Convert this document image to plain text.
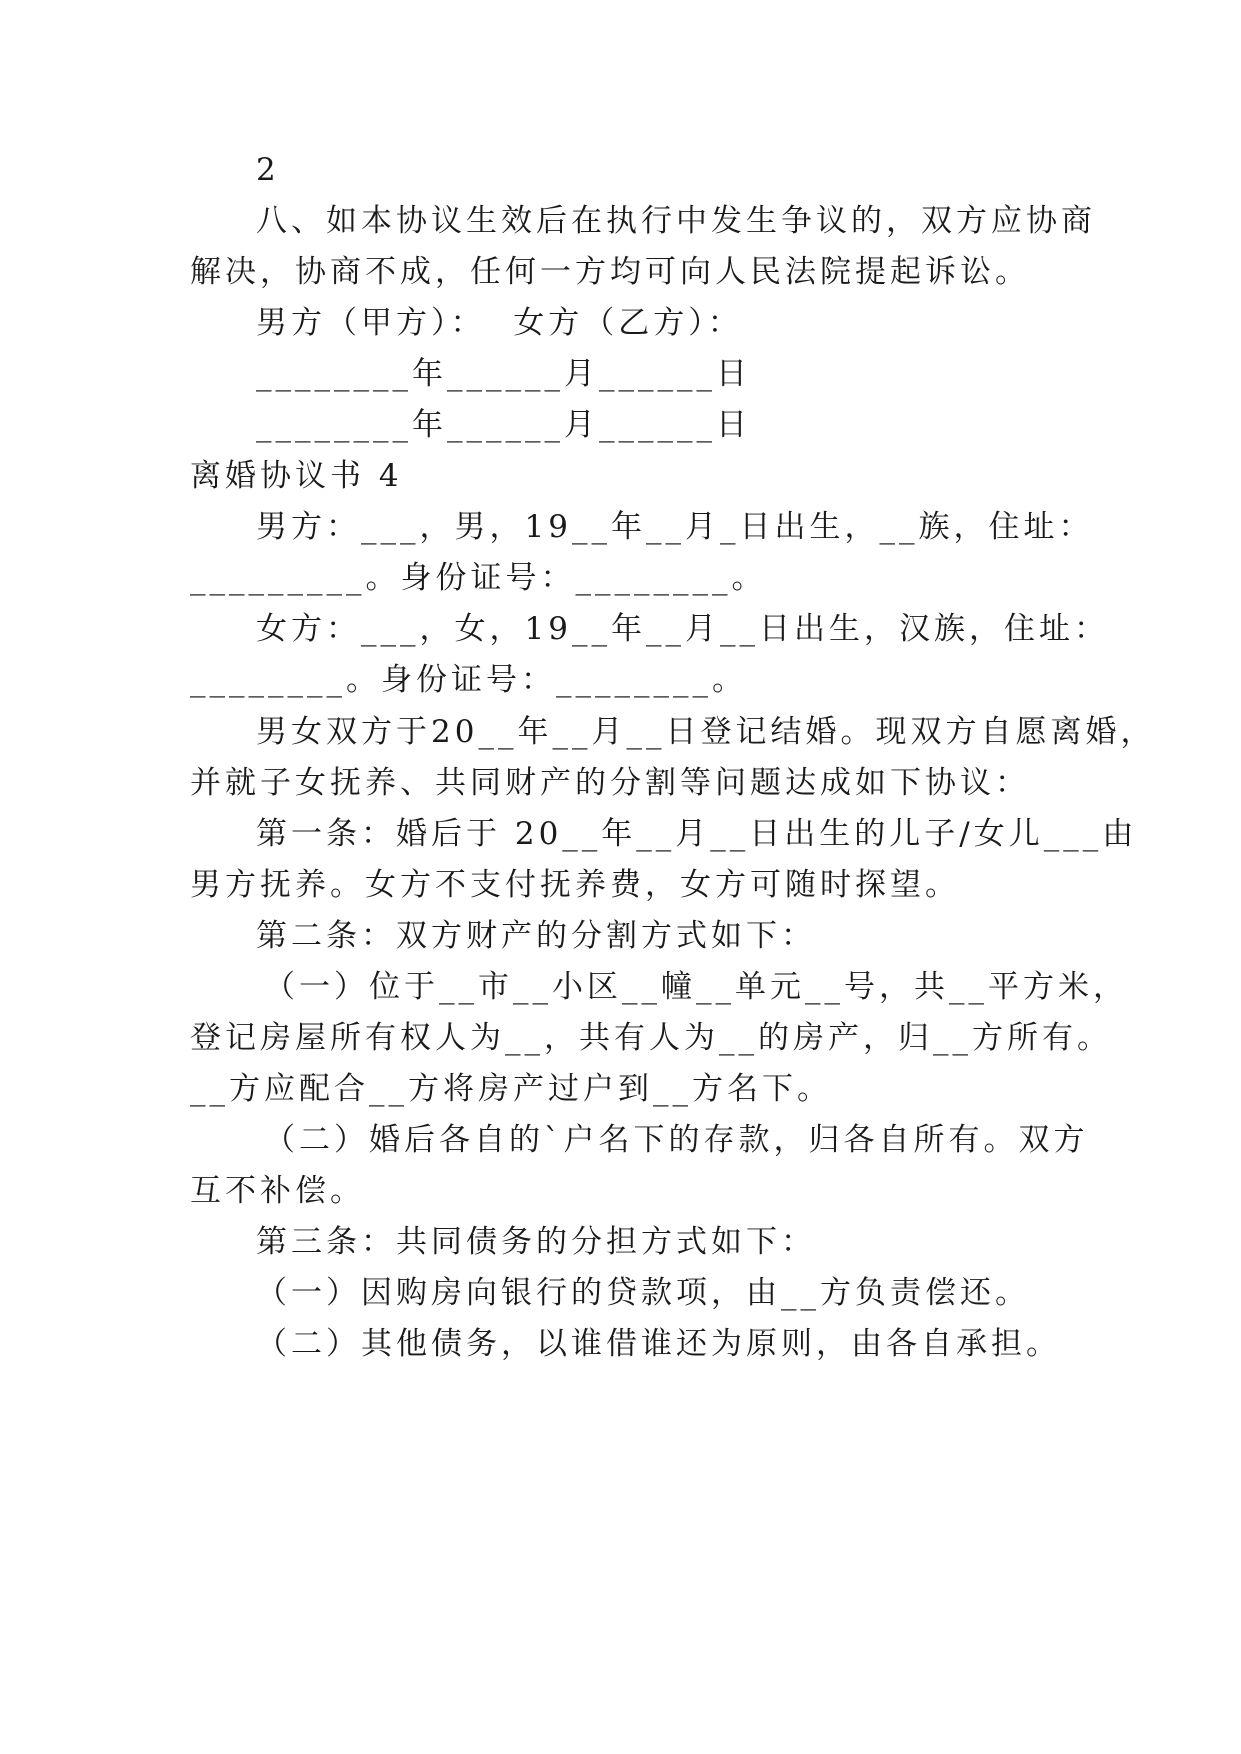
2
八、如本协议生效后在执行中发生争议的，双方应协商
解决，协商不成，任何一方均可向人民法院提起诉讼。
男方（甲方）：  女方（乙方）：
________年______月______日
________年______月______日
离婚协议书 4
男方：___，男，19__年__月_日出生，__族，住址：
_________。身份证号：________。
女方：___，女，19__年__月__日出生，汉族，住址：
________。身份证号：________。
男女双方于20__年__月__日登记结婚。现双方自愿离婚，
并就子女抚养、共同财产的分割等问题达成如下协议：
第一条：婚后于 20__年__月__日出生的儿子/女儿___由
男方抚养。女方不支付抚养费，女方可随时探望。
第二条：双方财产的分割方式如下：
（一）位于__市__小区__幢__单元__号，共__平方米，
登记房屋所有权人为__，共有人为__的房产，归__方所有。
__方应配合__方将房产过户到__方名下。
（二）婚后各自的`户名下的存款，归各自所有。双方
互不补偿。
第三条：共同债务的分担方式如下：
（一）因购房向银行的贷款项，由__方负责偿还。
（二）其他债务，以谁借谁还为原则，由各自承担。
